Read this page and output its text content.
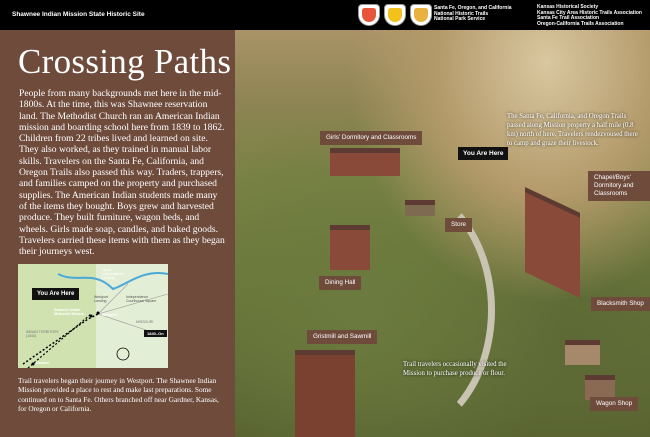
Shawnee Indian Mission State Historic Site
Santa Fe, Oregon, and California
National Historic Trails
National Park Service
Kansas Historical Society
Kansas City Area Historic Trails Association
Santa Fe Trail Association
Oregon-California Trails Association
Crossing Paths
People from many backgrounds met here in the mid-1800s. At the time, this was Shawnee reservation land. The Methodist Church ran an American Indian mission and boarding school here from 1839 to 1862. Children from 22 tribes lived and learned on site. They also worked, as they trained in manual labor skills. Travelers on the Santa Fe, California, and Oregon Trails also passed this way. Traders, trappers, and families camped on the property and purchased supplies. The American Indian students made many of the items they bought. Boys grew and harvested produce. They built furniture, wagon beds, and wheels. Girls made soap, candles, and baked goods. Travelers carried these items with them as they began their journeys west.
You Are Here
Shawnee Indian Methodist Mission	Westport
Gardner
Upper Independence Landing
Westport Landing
Independence Courthouse Square
MISSOURI
INDIAN TERRITORY (1840)	1840–On
Trail travelers began their journey in Westport. The Shawnee Indian Mission provided a place to rest and make last preparations. Some continued on to Santa Fe. Others branched off near Gardner, Kansas, for Oregon or California.
Girls' Dormitory and Classrooms
You Are Here
Chapel/Boys' Dormitory and Classrooms
Store
Dining Hall
Gristmill and Sawmill
Blacksmith Shop
Wagon Shop
The Santa Fe, California, and Oregon Trails passed along Mission property a half mile (0.8 km) north of here. Travelers rendezvoused there to camp and graze their livestock.
Trail travelers occasionally visited the Mission to purchase produce or flour.
